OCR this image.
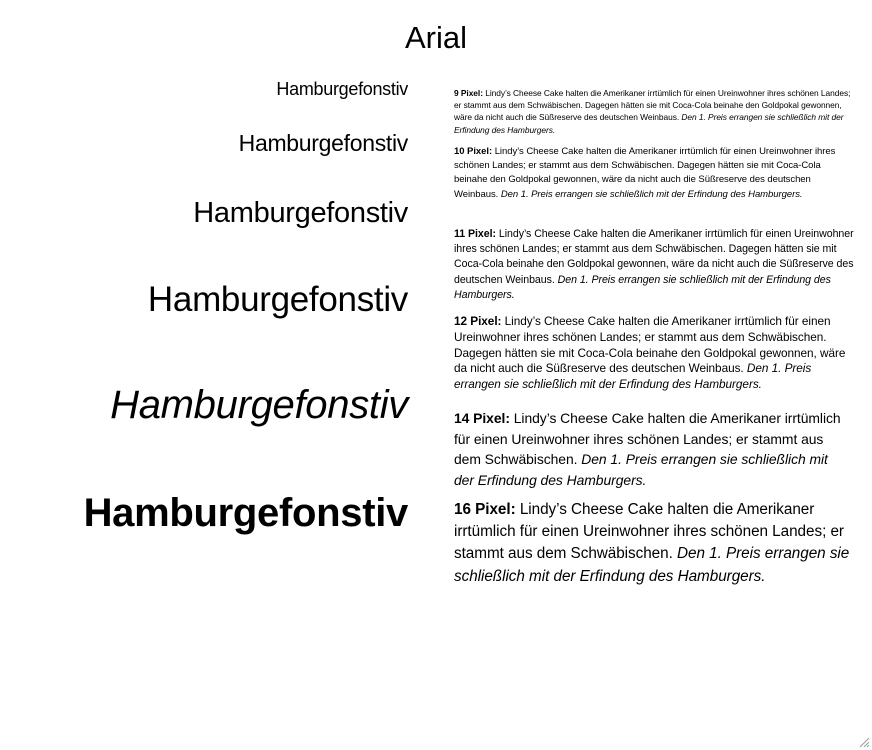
Arial
Hamburgefonstiv
Hamburgefonstiv
Hamburgefonstiv
Hamburgefonstiv
Hamburgefonstiv
Hamburgefonstiv

9 Pixel: Lindy’s Cheese Cake halten die Amerikaner irrtümlich für einen Ureinwohner ihres schönen Landes; er stammt aus dem Schwäbischen. Dagegen hätten sie mit Coca-Cola beinahe den Goldpokal gewonnen, wäre da nicht auch die Süßreserve des deutschen Weinbaus. Den 1. Preis errangen sie schließlich mit der Erfindung des Hamburgers.

10 Pixel: Lindy’s Cheese Cake halten die Amerikaner irrtümlich für einen Ureinwohner ihres schönen Landes; er stammt aus dem Schwäbischen. Dagegen hätten sie mit Coca-Cola beinahe den Goldpokal gewonnen, wäre da nicht auch die Süßreserve des deutschen Weinbaus. Den 1. Preis errangen sie schließlich mit der Erfindung des Hamburgers.

11 Pixel: Lindy’s Cheese Cake halten die Amerikaner irrtümlich für einen Ureinwohner ihres schönen Landes; er stammt aus dem Schwäbischen. Dagegen hätten sie mit Coca-Cola beinahe den Goldpokal gewonnen, wäre da nicht auch die Süßreserve des deutschen Weinbaus. Den 1. Preis errangen sie schließlich mit der Erfindung des Hamburgers.

12 Pixel: Lindy’s Cheese Cake halten die Amerikaner irrtümlich für einen Ureinwohner ihres schönen Landes; er stammt aus dem Schwäbischen. Dagegen hätten sie mit Coca-Cola beinahe den Goldpokal gewonnen, wäre da nicht auch die Süßreserve des deutschen Weinbaus. Den 1. Preis errangen sie schließlich mit der Erfindung des Hamburgers.

14 Pixel: Lindy’s Cheese Cake halten die Amerikaner irrtümlich für einen Ureinwohner ihres schönen Landes; er stammt aus dem Schwäbischen. Den 1. Preis errangen sie schließlich mit der Erfindung des Hamburgers.

16 Pixel: Lindy’s Cheese Cake halten die Amerikaner irrtümlich für einen Ureinwohner ihres schönen Landes; er stammt aus dem Schwäbischen. Den 1. Preis errangen sie schließlich mit der Erfindung des Hamburgers.
